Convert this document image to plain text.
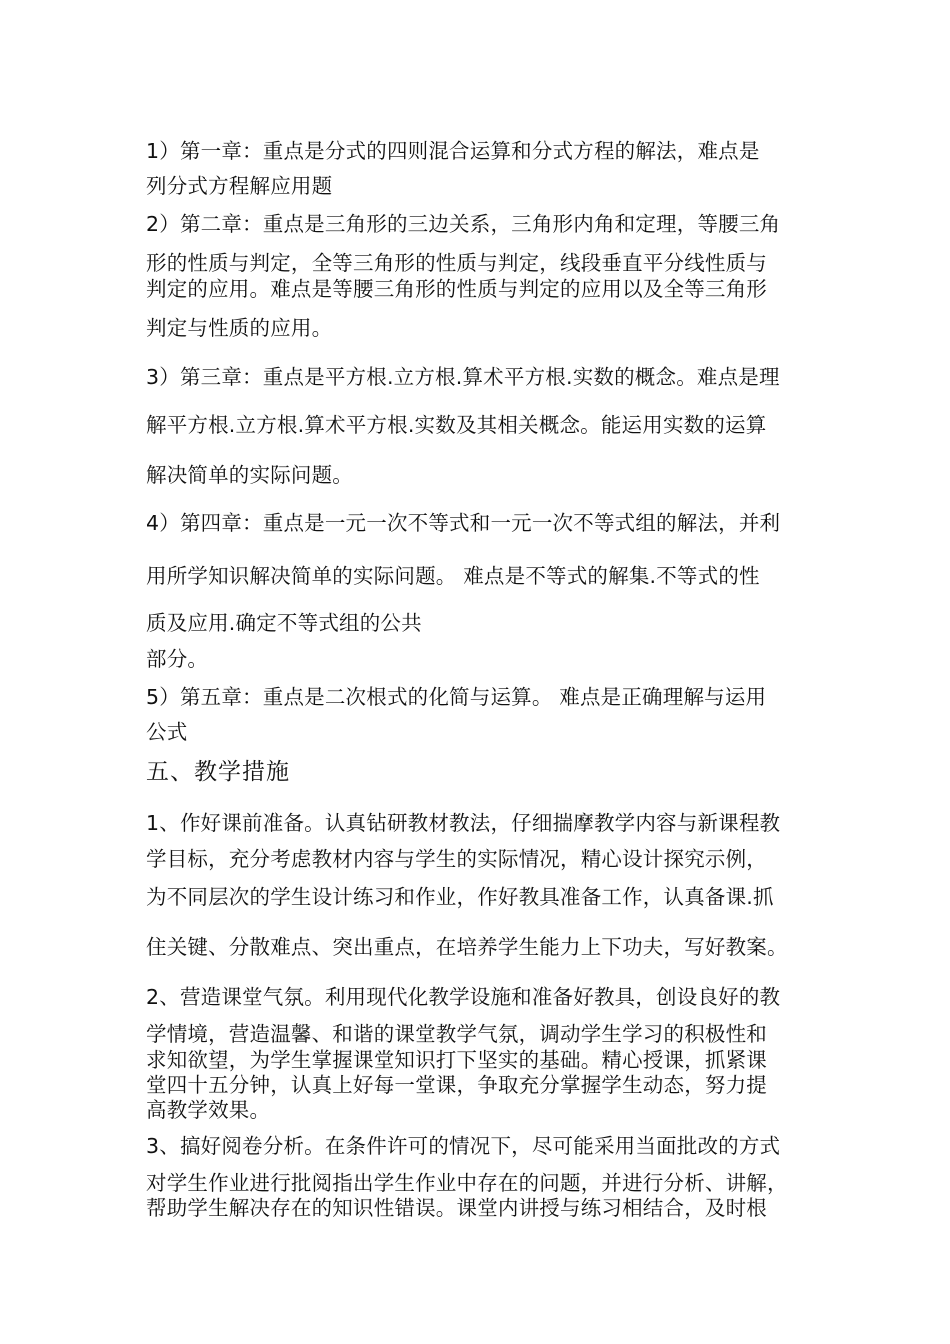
1）第一章：重点是分式的四则混合运算和分式方程的解法，难点是
列分式方程解应用题
2）第二章：重点是三角形的三边关系，三角形内角和定理，等腰三角
形的性质与判定，全等三角形的性质与判定，线段垂直平分线性质与
判定的应用。难点是等腰三角形的性质与判定的应用以及全等三角形
判定与性质的应用。
3）第三章：重点是平方根.立方根.算术平方根.实数的概念。难点是理
解平方根.立方根.算术平方根.实数及其相关概念。能运用实数的运算
解决简单的实际问题。
4）第四章：重点是一元一次不等式和一元一次不等式组的解法，并利
用所学知识解决简单的实际问题。 难点是不等式的解集.不等式的性
质及应用.确定不等式组的公共
部分。
5）第五章：重点是二次根式的化简与运算。 难点是正确理解与运用
公式
五、教学措施
1、作好课前准备。认真钻研教材教法，仔细揣摩教学内容与新课程教
学目标，充分考虑教材内容与学生的实际情况，精心设计探究示例，
为不同层次的学生设计练习和作业，作好教具准备工作，认真备课.抓
住关键、分散难点、突出重点，在培养学生能力上下功夫，写好教案。
2、营造课堂气氛。利用现代化教学设施和准备好教具，创设良好的教
学情境，营造温馨、和谐的课堂教学气氛，调动学生学习的积极性和
求知欲望，为学生掌握课堂知识打下坚实的基础。精心授课，抓紧课
堂四十五分钟，认真上好每一堂课，争取充分掌握学生动态，努力提
高教学效果。
3、搞好阅卷分析。在条件许可的情况下，尽可能采用当面批改的方式
对学生作业进行批阅指出学生作业中存在的问题，并进行分析、讲解，
帮助学生解决存在的知识性错误。课堂内讲授与练习相结合，及时根
